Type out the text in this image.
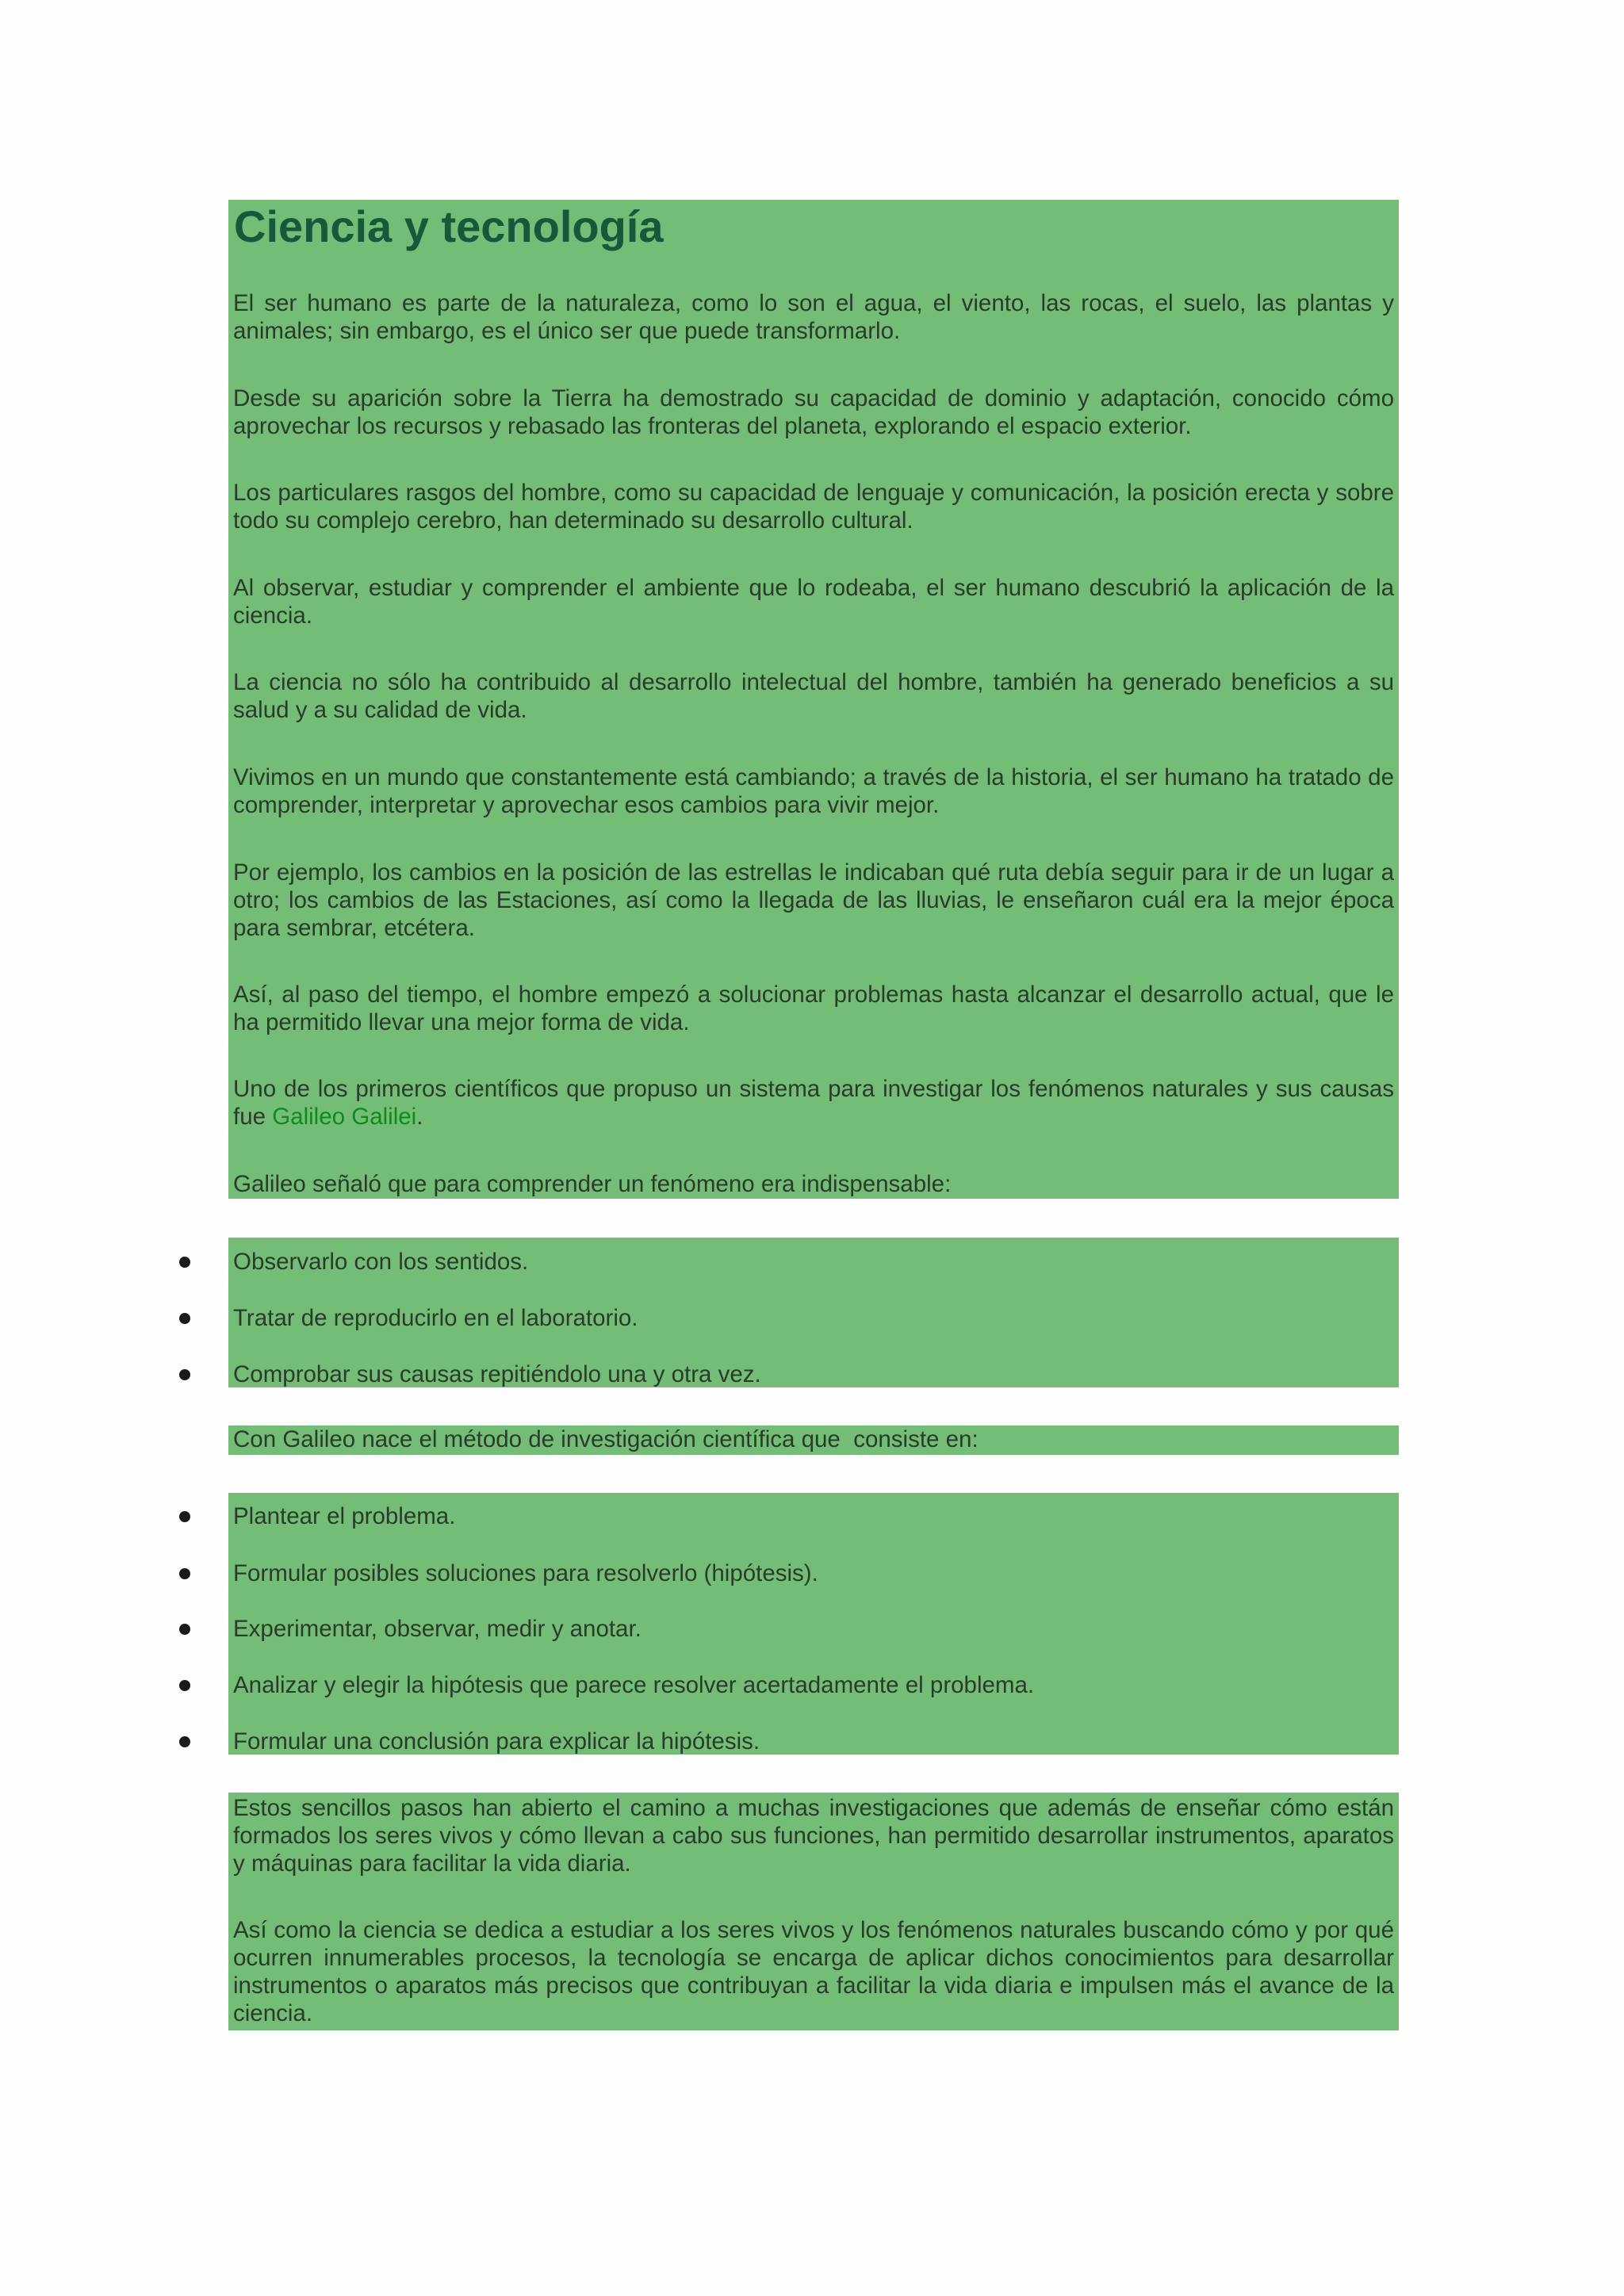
Ciencia y tecnología

El ser humano es parte de la naturaleza, como lo son el agua, el viento, las rocas, el suelo, las plantas y animales; sin embargo, es el único ser que puede transformarlo.

Desde su aparición sobre la Tierra ha demostrado su capacidad de dominio y adaptación, conocido cómo aprovechar los recursos y rebasado las fronteras del planeta, explorando el espacio exterior.

Los particulares rasgos del hombre, como su capacidad de lenguaje y comunicación, la posición erecta y sobre todo su complejo cerebro, han determinado su desarrollo cultural.

Al observar, estudiar y comprender el ambiente que lo rodeaba, el ser humano descubrió la aplicación de la ciencia.

La ciencia no sólo ha contribuido al desarrollo intelectual del hombre, también ha generado beneficios a su salud y a su calidad de vida.

Vivimos en un mundo que constantemente está cambiando; a través de la historia, el ser humano ha tratado de comprender, interpretar y aprovechar esos cambios para vivir mejor.

Por ejemplo, los cambios en la posición de las estrellas le indicaban qué ruta debía seguir para ir de un lugar a otro; los cambios de las Estaciones, así como la llegada de las lluvias, le enseñaron cuál era la mejor época para sembrar, etcétera.

Así, al paso del tiempo, el hombre empezó a solucionar problemas hasta alcanzar el desarrollo actual, que le ha permitido llevar una mejor forma de vida.

Uno de los primeros científicos que propuso un sistema para investigar los fenómenos naturales y sus causas fue Galileo Galilei.

Galileo señaló que para comprender un fenómeno era indispensable:

Observarlo con los sentidos.
Tratar de reproducirlo en el laboratorio.
Comprobar sus causas repitiéndolo una y otra vez.

Con Galileo nace el método de investigación científica que  consiste en:

Plantear el problema.
Formular posibles soluciones para resolverlo (hipótesis).
Experimentar, observar, medir y anotar.
Analizar y elegir la hipótesis que parece resolver acertadamente el problema.
Formular una conclusión para explicar la hipótesis.

Estos sencillos pasos han abierto el camino a muchas investigaciones que además de enseñar cómo están formados los seres vivos y cómo llevan a cabo sus funciones, han permitido desarrollar instrumentos, aparatos y máquinas para facilitar la vida diaria.

Así como la ciencia se dedica a estudiar a los seres vivos y los fenómenos naturales buscando cómo y por qué ocurren innumerables procesos, la tecnología se encarga de aplicar dichos conocimientos para desarrollar instrumentos o aparatos más precisos que contribuyan a facilitar la vida diaria e impulsen más el avance de la ciencia.
